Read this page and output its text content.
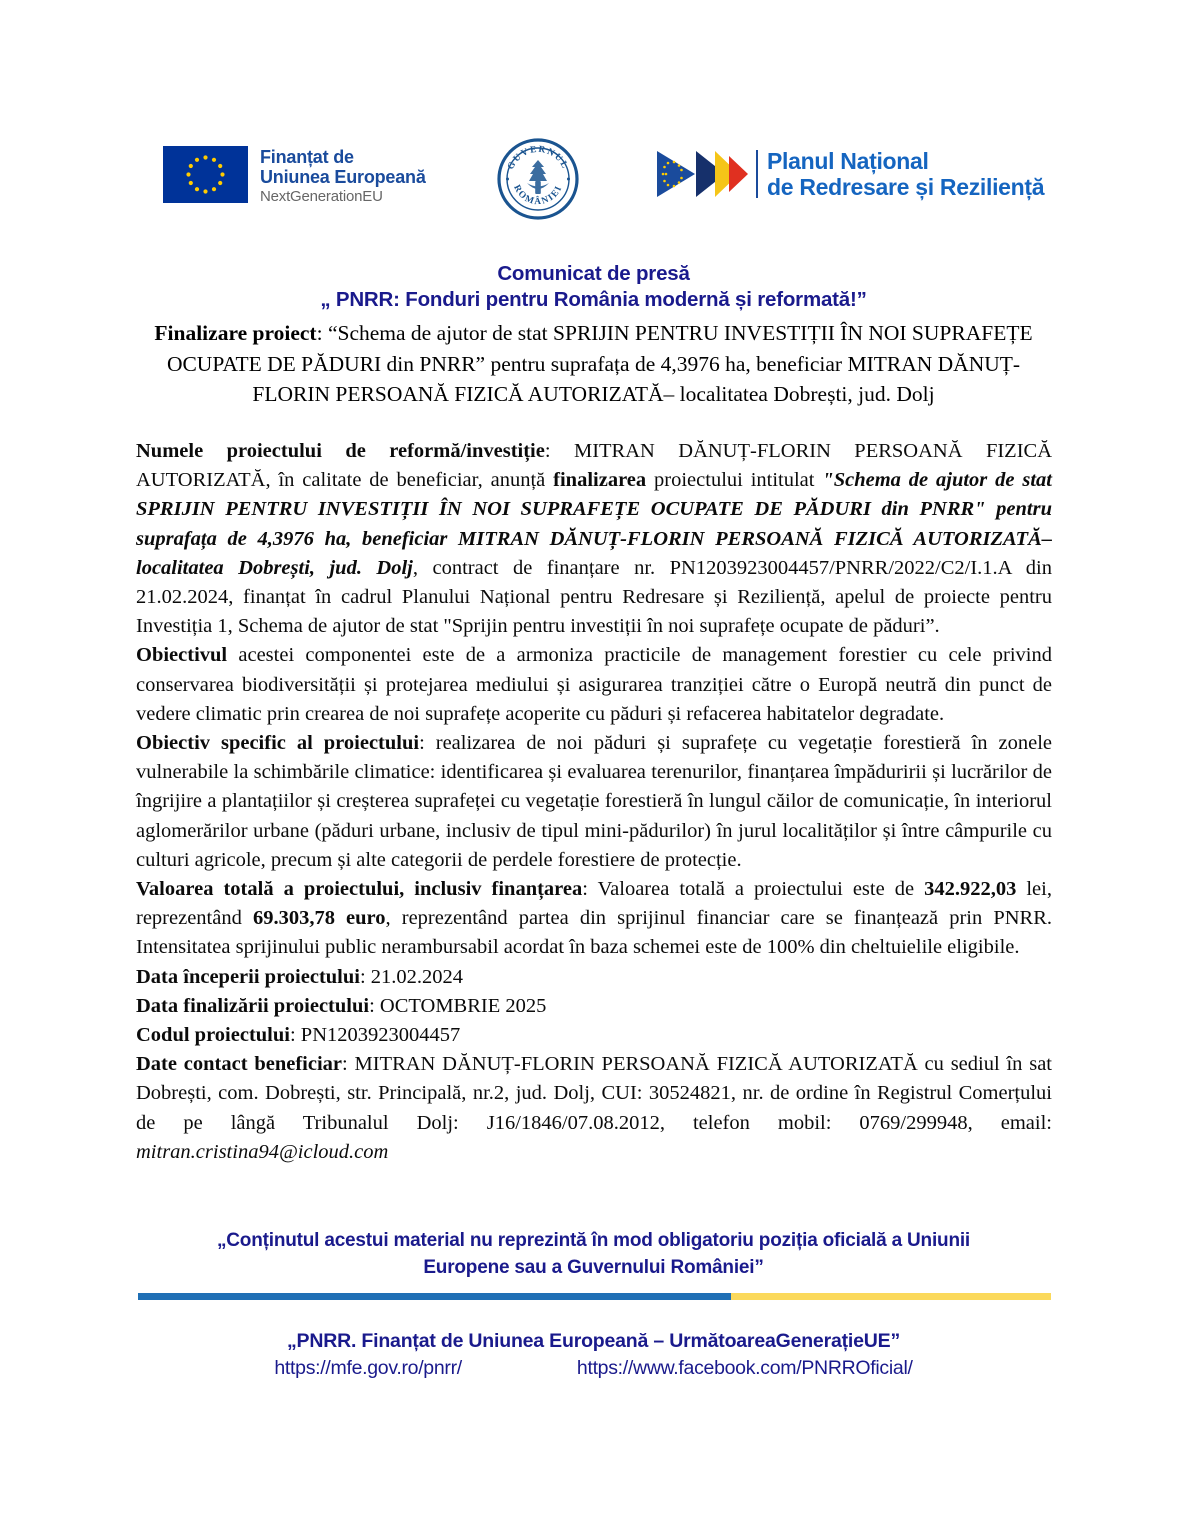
Finanțat de
Uniunea Europeană
NextGenerationEU
GUVERNUL
ROMÂNIEI
Planul Național
de Redresare și Reziliență
Comunicat de presă
„ PNRR: Fonduri pentru România modernă și reformată!”
Finalizare proiect: “Schema de ajutor de stat SPRIJIN PENTRU INVESTIȚII ÎN NOI SUPRAFEȚE OCUPATE DE PĂDURI din PNRR” pentru suprafața de 4,3976 ha, beneficiar MITRAN DĂNUȚ-FLORIN PERSOANĂ FIZICĂ AUTORIZATĂ– localitatea Dobrești, jud. Dolj

Numele proiectului de reformă/investiție: MITRAN DĂNUȚ-FLORIN PERSOANĂ FIZICĂ AUTORIZATĂ, în calitate de beneficiar, anunță finalizarea proiectului intitulat "Schema de ajutor de stat SPRIJIN PENTRU INVESTIȚII ÎN NOI SUPRAFEȚE OCUPATE DE PĂDURI din PNRR" pentru suprafața de 4,3976 ha, beneficiar MITRAN DĂNUȚ-FLORIN PERSOANĂ FIZICĂ AUTORIZATĂ– localitatea Dobrești, jud. Dolj, contract de finanțare nr. PN1203923004457/PNRR/2022/C2/I.1.A din 21.02.2024, finanțat în cadrul Planului Național pentru Redresare și Reziliență, apelul de proiecte pentru Investiția 1, Schema de ajutor de stat "Sprijin pentru investiții în noi suprafețe ocupate de păduri”.

Obiectivul acestei componentei este de a armoniza practicile de management forestier cu cele privind conservarea biodiversității și protejarea mediului și asigurarea tranziției către o Europă neutră din punct de vedere climatic prin crearea de noi suprafețe acoperite cu păduri și refacerea habitatelor degradate.

Obiectiv specific al proiectului: realizarea de noi păduri și suprafețe cu vegetație forestieră în zonele vulnerabile la schimbările climatice: identificarea și evaluarea terenurilor, finanțarea împăduririi și lucrărilor de îngrijire a plantațiilor și creșterea suprafeței cu vegetație forestieră în lungul căilor de comunicație, în interiorul aglomerărilor urbane (păduri urbane, inclusiv de tipul mini-pădurilor) în jurul localităților și între câmpurile cu culturi agricole, precum și alte categorii de perdele forestiere de protecție.

Valoarea totală a proiectului, inclusiv finanțarea: Valoarea totală a proiectului este de 342.922,03 lei, reprezentând 69.303,78 euro, reprezentând partea din sprijinul financiar care se finanțează prin PNRR. Intensitatea sprijinului public nerambursabil acordat în baza schemei este de 100% din cheltuielile eligibile.

Data începerii proiectului: 21.02.2024

Data finalizării proiectului: OCTOMBRIE 2025

Codul proiectului: PN1203923004457

Date contact beneficiar: MITRAN DĂNUȚ-FLORIN PERSOANĂ FIZICĂ AUTORIZATĂ cu sediul în sat Dobrești, com. Dobrești, str. Principală, nr.2, jud. Dolj, CUI: 30524821, nr. de ordine în Registrul Comerțului de pe lângă Tribunalul Dolj: J16/1846/07.08.2012, telefon mobil: 0769/299948, email: mitran.cristina94@icloud.com

„Conținutul acestui material nu reprezintă în mod obligatoriu poziția oficială a Uniunii
Europene sau a Guvernului României”
„PNRR. Finanțat de Uniunea Europeană – UrmătoareaGenerațieUE”
https://mfe.gov.ro/pnrr/	https://www.facebook.com/PNRROficial/
